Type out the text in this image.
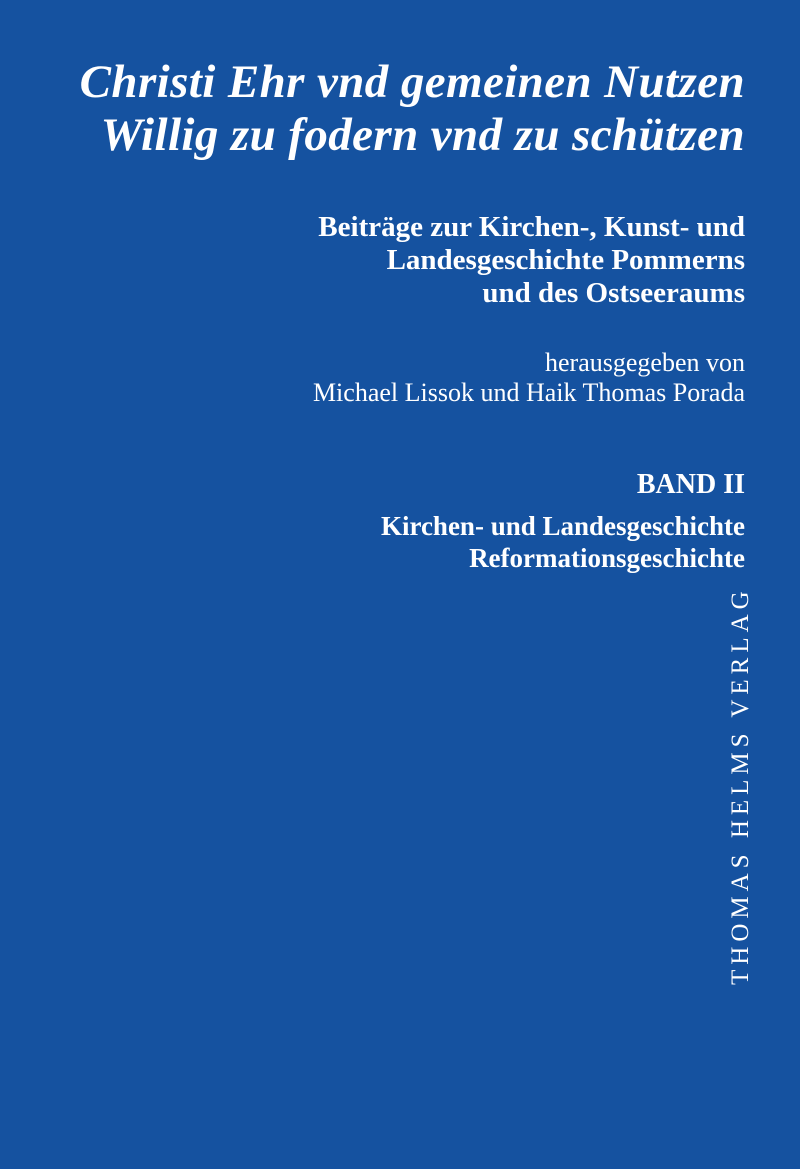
Christi Ehr vnd gemeinen Nutzen
Willig zu fodern vnd zu schützen
Beiträge zur Kirchen-, Kunst- und
Landesgeschichte Pommerns
und des Ostseeraums
herausgegeben von
Michael Lissok und Haik Thomas Porada
BAND II
Kirchen- und Landesgeschichte
Reformationsgeschichte
THOMAS HELMS VERLAG
